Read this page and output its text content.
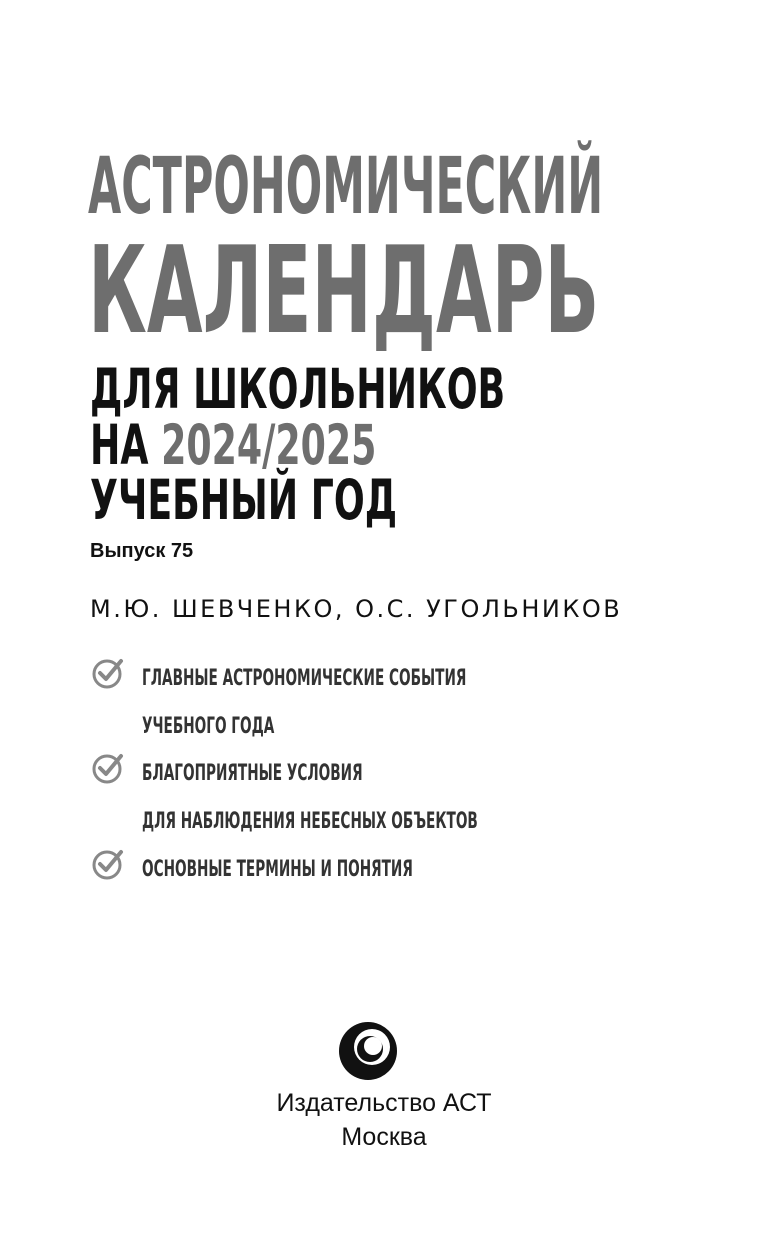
АСТРОНОМИЧЕСКИЙ
КАЛЕНДАРЬ
ДЛЯ ШКОЛЬНИКОВ
НА 2024/2025
УЧЕБНЫЙ ГОД

Выпуск 75

М.Ю. ШЕВЧЕНКО, О.С. УГОЛЬНИКОВ

ГЛАВНЫЕ АСТРОНОМИЧЕСКИЕ СОБЫТИЯ
УЧЕБНОГО ГОДА
БЛАГОПРИЯТНЫЕ УСЛОВИЯ
ДЛЯ НАБЛЮДЕНИЯ НЕБЕСНЫХ ОБЪЕКТОВ
ОСНОВНЫЕ ТЕРМИНЫ И ПОНЯТИЯ

Издательство АСТ
Москва
